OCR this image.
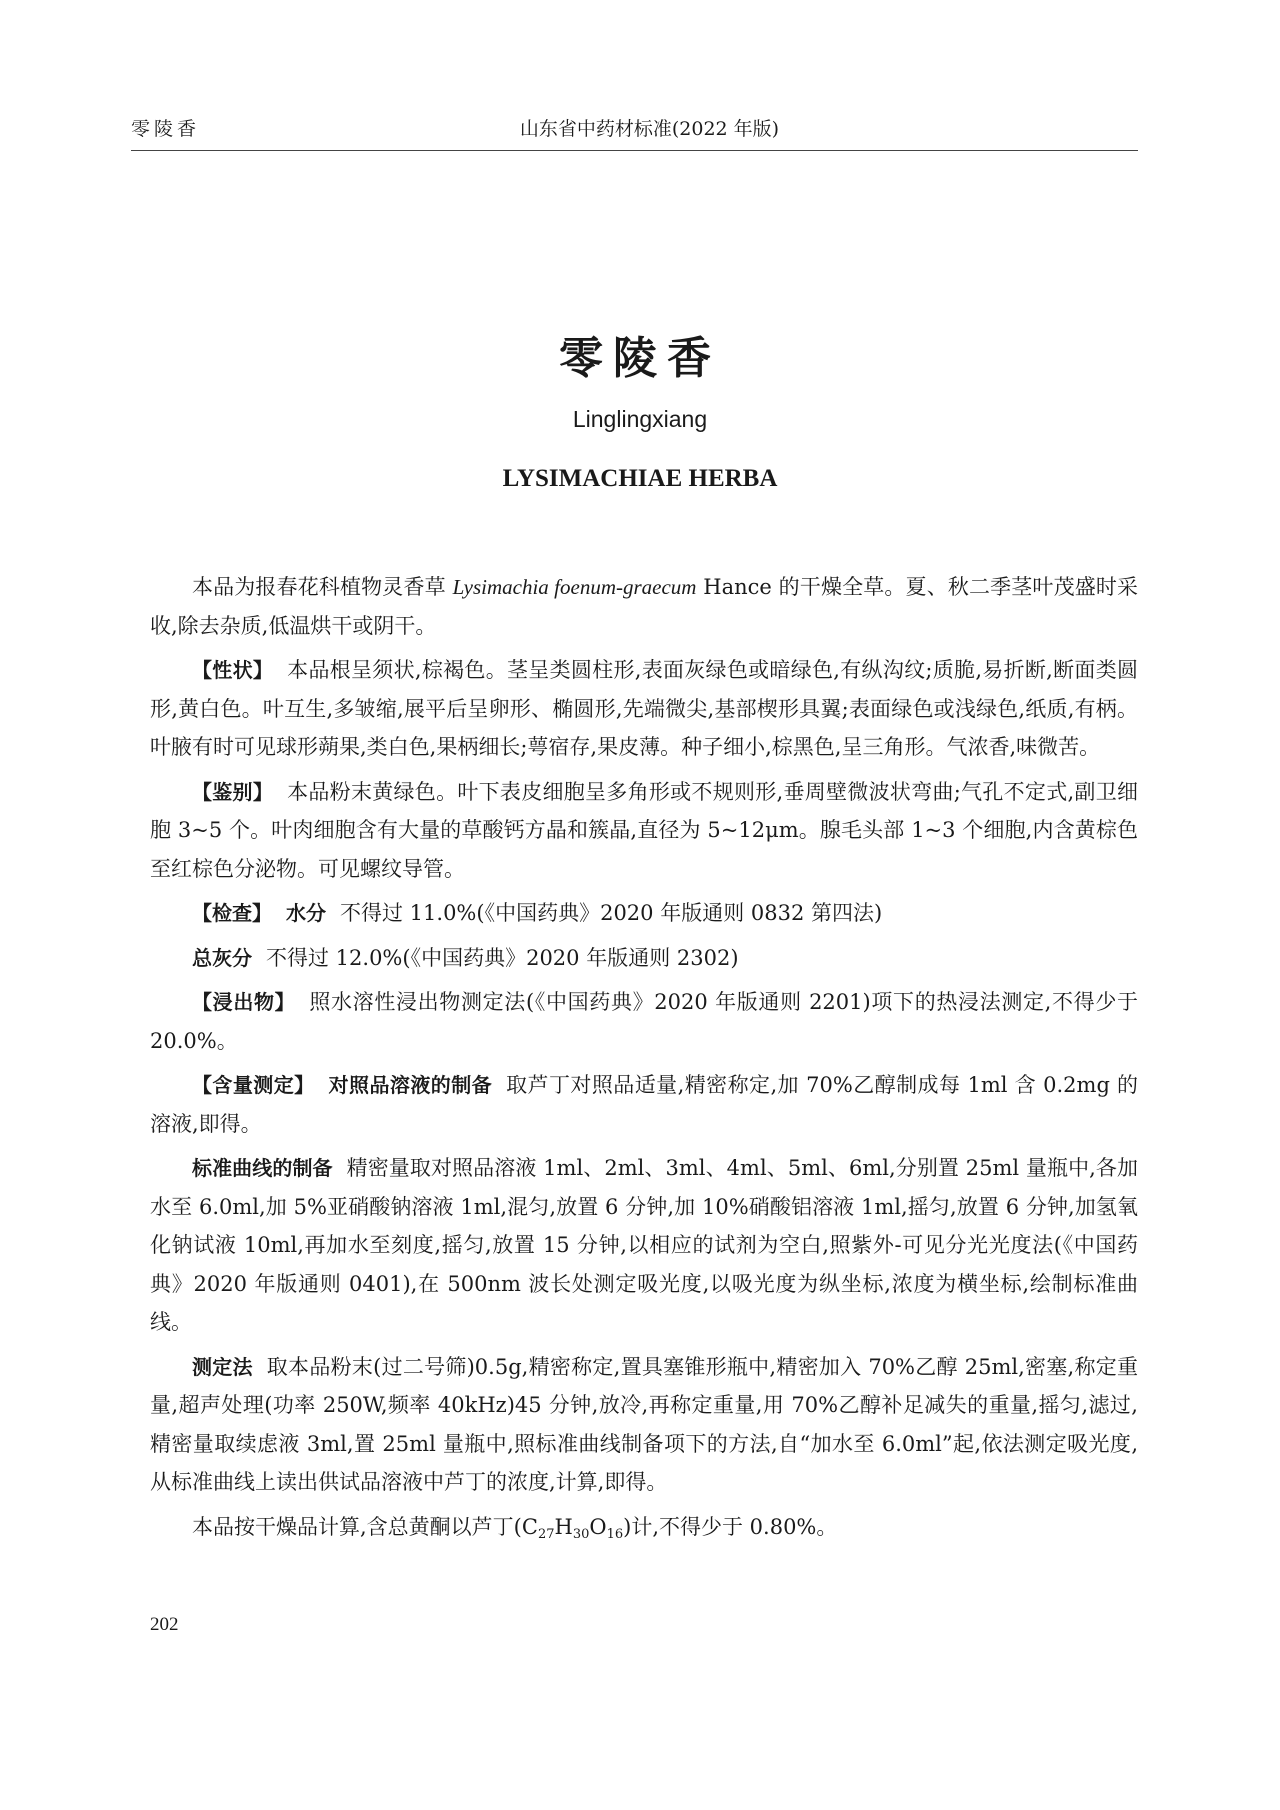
零陵香	山东省中药材标准(2022 年版)
零陵香
Linglingxiang
LYSIMACHIAE HERBA

本品为报春花科植物灵香草 Lysimachia foenum-graecum Hance 的干燥全草。夏、秋二季茎叶茂盛时采收,除去杂质,低温烘干或阴干。

【性状】 本品根呈须状,棕褐色。茎呈类圆柱形,表面灰绿色或暗绿色,有纵沟纹;质脆,易折断,断面类圆形,黄白色。叶互生,多皱缩,展平后呈卵形、椭圆形,先端微尖,基部楔形具翼;表面绿色或浅绿色,纸质,有柄。叶腋有时可见球形蒴果,类白色,果柄细长;萼宿存,果皮薄。种子细小,棕黑色,呈三角形。气浓香,味微苦。

【鉴别】 本品粉末黄绿色。叶下表皮细胞呈多角形或不规则形,垂周壁微波状弯曲;气孔不定式,副卫细胞 3~5 个。叶肉细胞含有大量的草酸钙方晶和簇晶,直径为 5~12μm。腺毛头部 1~3 个细胞,内含黄棕色至红棕色分泌物。可见螺纹导管。

【检查】 水分 不得过 11.0%(《中国药典》2020 年版通则 0832 第四法)

总灰分 不得过 12.0%(《中国药典》2020 年版通则 2302)

【浸出物】 照水溶性浸出物测定法(《中国药典》2020 年版通则 2201)项下的热浸法测定,不得少于 20.0%。

【含量测定】 对照品溶液的制备 取芦丁对照品适量,精密称定,加 70%乙醇制成每 1ml 含 0.2mg 的溶液,即得。

标准曲线的制备 精密量取对照品溶液 1ml、2ml、3ml、4ml、5ml、6ml,分别置 25ml 量瓶中,各加水至 6.0ml,加 5%亚硝酸钠溶液 1ml,混匀,放置 6 分钟,加 10%硝酸铝溶液 1ml,摇匀,放置 6 分钟,加氢氧化钠试液 10ml,再加水至刻度,摇匀,放置 15 分钟,以相应的试剂为空白,照紫外-可见分光光度法(《中国药典》2020 年版通则 0401),在 500nm 波长处测定吸光度,以吸光度为纵坐标,浓度为横坐标,绘制标准曲线。

测定法 取本品粉末(过二号筛)0.5g,精密称定,置具塞锥形瓶中,精密加入 70%乙醇 25ml,密塞,称定重量,超声处理(功率 250W,频率 40kHz)45 分钟,放冷,再称定重量,用 70%乙醇补足减失的重量,摇匀,滤过,精密量取续虑液 3ml,置 25ml 量瓶中,照标准曲线制备项下的方法,自“加水至 6.0ml”起,依法测定吸光度,从标准曲线上读出供试品溶液中芦丁的浓度,计算,即得。

本品按干燥品计算,含总黄酮以芦丁$(C_{27}H_{30}O_{16})$计,不得少于 0.80%。

202
